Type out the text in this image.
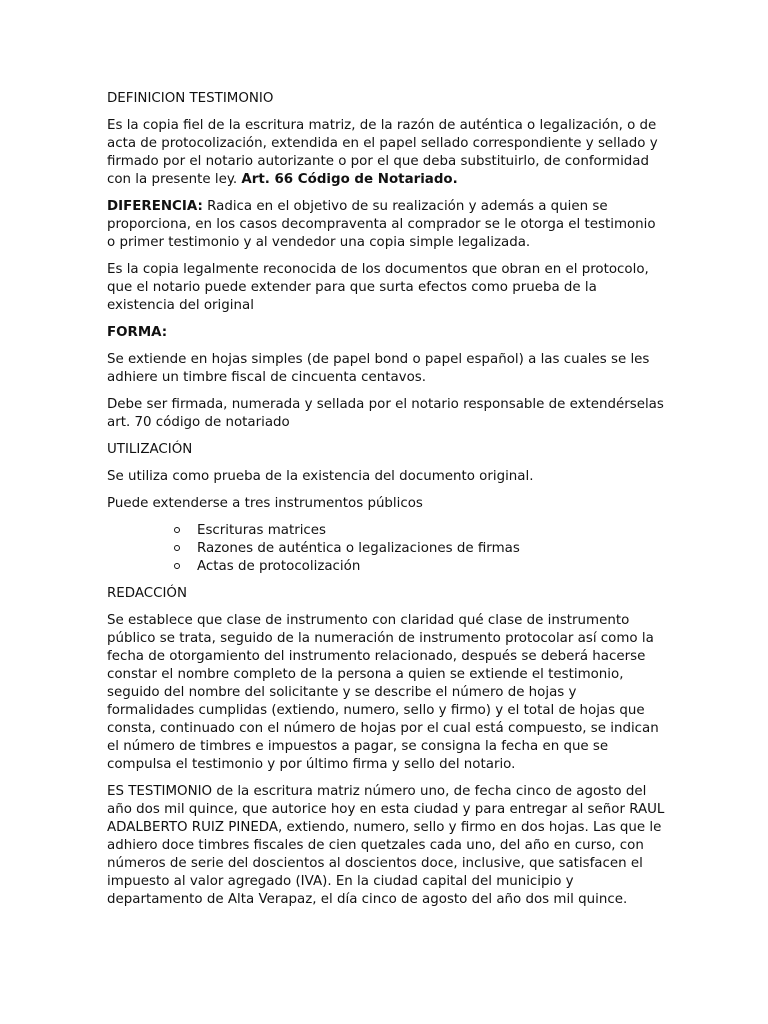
DEFINICION TESTIMONIO

Es la copia fiel de la escritura matriz, de la razón de auténtica o legalización, o de acta de protocolización, extendida en el papel sellado correspondiente y sellado y firmado por el notario autorizante o por el que deba substituirlo, de conformidad con la presente ley. Art. 66 Código de Notariado.

DIFERENCIA: Radica en el objetivo de su realización y además a quien se proporciona, en los casos decompraventa al comprador se le otorga el testimonio o primer testimonio y al vendedor una copia simple legalizada.

Es la copia legalmente reconocida de los documentos que obran en el protocolo, que el notario puede extender para que surta efectos como prueba de la existencia del original

FORMA:

Se extiende en hojas simples (de papel bond o papel español) a las cuales se les adhiere un timbre fiscal de cincuenta centavos.

Debe ser firmada, numerada y sellada por el notario responsable de extendérselas art. 70 código de notariado

UTILIZACIÓN

Se utiliza como prueba de la existencia del documento original.

Puede extenderse a tres instrumentos públicos

Escrituras matrices
Razones de auténtica o legalizaciones de firmas
Actas de protocolización

REDACCIÓN

Se establece que clase de instrumento con claridad qué clase de instrumento público se trata, seguido de la numeración de instrumento protocolar así como la fecha de otorgamiento del instrumento relacionado, después se deberá hacerse constar el nombre completo de la persona a quien se extiende el testimonio, seguido del nombre del solicitante y se describe el número de hojas y formalidades cumplidas (extiendo, numero, sello y firmo) y el total de hojas que consta, continuado con el número de hojas por el cual está compuesto, se indican el número de timbres e impuestos a pagar, se consigna la fecha en que se compulsa el testimonio y por último firma y sello del notario.

ES TESTIMONIO de la escritura matriz número uno, de fecha cinco de agosto del año dos mil quince, que autorice hoy en esta ciudad y para entregar al señor RAUL ADALBERTO RUIZ PINEDA, extiendo, numero, sello y firmo en dos hojas. Las que le adhiero doce timbres fiscales de cien quetzales cada uno, del año en curso, con números de serie del doscientos al doscientos doce, inclusive, que satisfacen el impuesto al valor agregado (IVA). En la ciudad capital del municipio y departamento de Alta Verapaz, el día cinco de agosto del año dos mil quince.
